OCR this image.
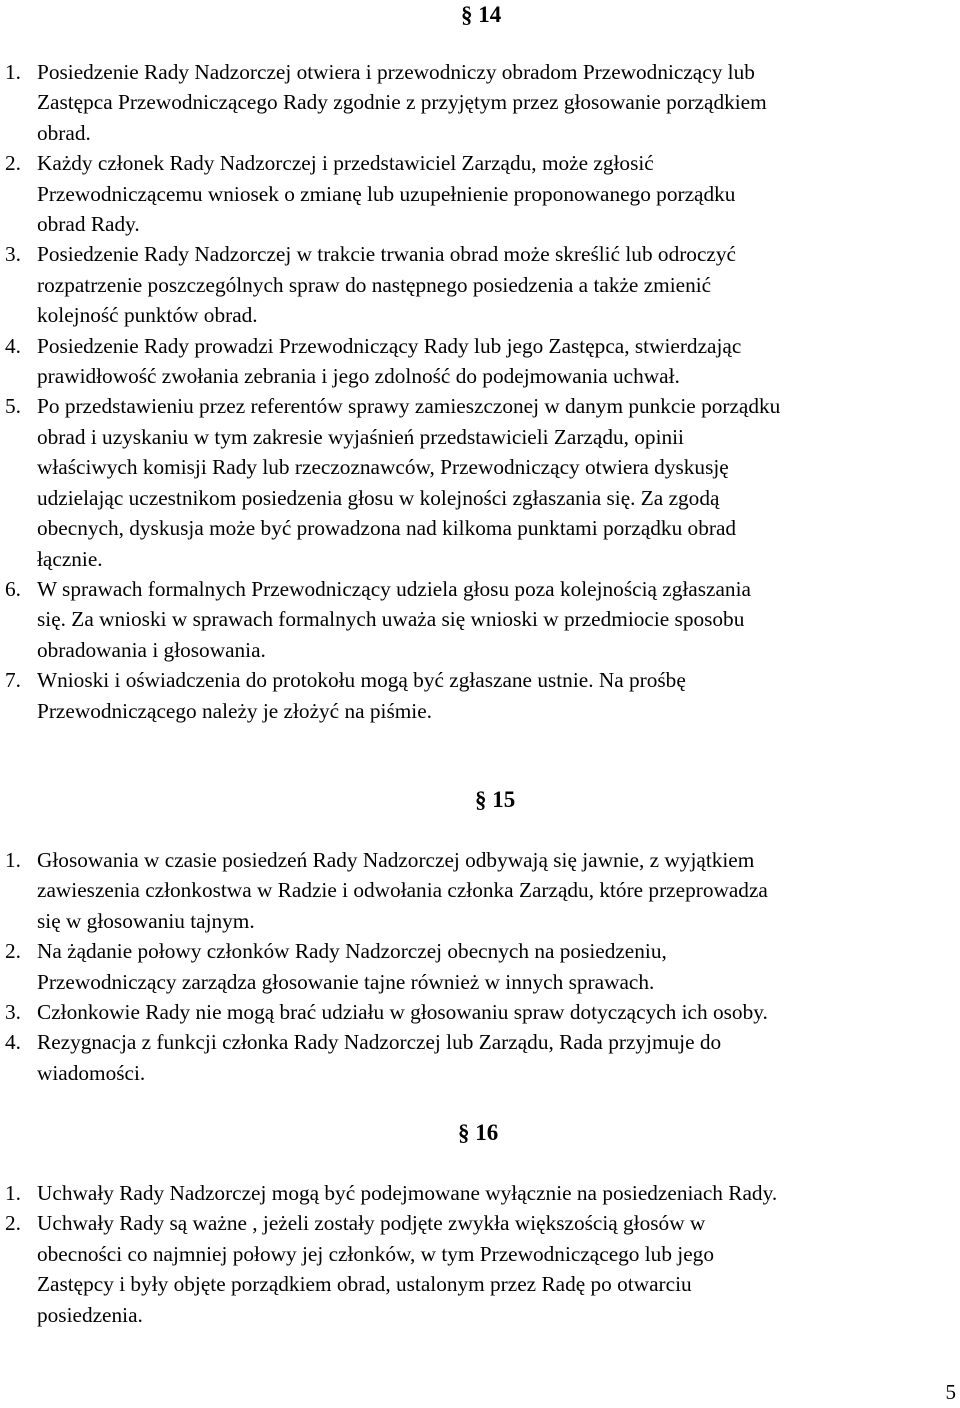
§ 14
1. Posiedzenie Rady Nadzorczej otwiera i przewodniczy obradom Przewodniczący lub
Zastępca Przewodniczącego Rady zgodnie z przyjętym przez głosowanie porządkiem
obrad.
2. Każdy członek Rady Nadzorczej i przedstawiciel Zarządu, może zgłosić
Przewodniczącemu wniosek o zmianę lub uzupełnienie proponowanego porządku
obrad Rady.
3. Posiedzenie Rady Nadzorczej w trakcie trwania obrad może skreślić lub odroczyć
rozpatrzenie poszczególnych spraw do następnego posiedzenia a także zmienić
kolejność punktów obrad.
4. Posiedzenie Rady prowadzi Przewodniczący Rady lub jego Zastępca, stwierdzając
prawidłowość zwołania zebrania i jego zdolność do podejmowania uchwał.
5. Po przedstawieniu przez referentów sprawy zamieszczonej w danym punkcie porządku
obrad i uzyskaniu w tym zakresie wyjaśnień przedstawicieli Zarządu, opinii
właściwych komisji Rady lub rzeczoznawców, Przewodniczący otwiera dyskusję
udzielając uczestnikom posiedzenia głosu w kolejności zgłaszania się. Za zgodą
obecnych, dyskusja może być prowadzona nad kilkoma punktami porządku obrad
łącznie.
6. W sprawach formalnych Przewodniczący udziela głosu poza kolejnością zgłaszania
się. Za wnioski w sprawach formalnych uważa się wnioski w przedmiocie sposobu
obradowania i głosowania.
7. Wnioski i oświadczenia do protokołu mogą być zgłaszane ustnie. Na prośbę
Przewodniczącego należy je złożyć na piśmie.
§ 15
1. Głosowania w czasie posiedzeń Rady Nadzorczej odbywają się jawnie, z wyjątkiem
zawieszenia członkostwa w Radzie i odwołania członka Zarządu, które przeprowadza
się w głosowaniu tajnym.
2. Na żądanie połowy członków Rady Nadzorczej obecnych na posiedzeniu,
Przewodniczący zarządza głosowanie tajne również w innych sprawach.
3. Członkowie Rady nie mogą brać udziału w głosowaniu spraw dotyczących ich osoby.
4. Rezygnacja z funkcji członka Rady Nadzorczej lub Zarządu, Rada przyjmuje do
wiadomości.
§ 16
1. Uchwały Rady Nadzorczej mogą być podejmowane wyłącznie na posiedzeniach Rady.
2. Uchwały Rady są ważne , jeżeli zostały podjęte zwykła większością głosów w
obecności co najmniej połowy jej członków, w tym Przewodniczącego lub jego
Zastępcy i były objęte porządkiem obrad, ustalonym przez Radę po otwarciu
posiedzenia.
5
